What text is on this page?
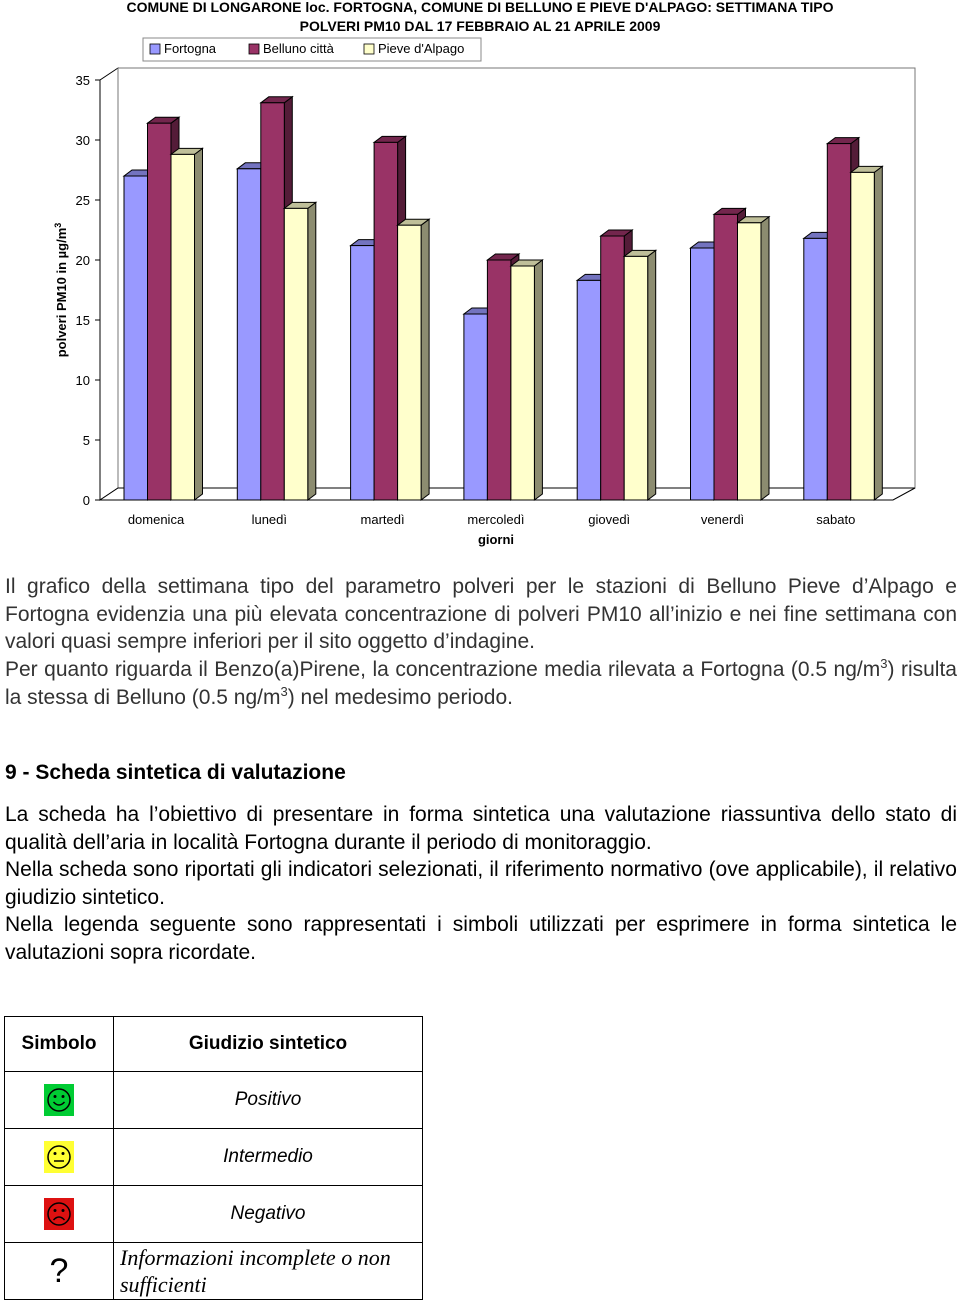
COMUNE DI LONGARONE loc. FORTOGNA, COMUNE DI BELLUNO E PIEVE D'ALPAGO: SETTIMANA TIPO
POLVERI PM10 DAL 17 FEBBRAIO AL 21 APRILE 2009
Fortogna	Belluno città	Pieve d'Alpago
polveri PM10 in $\mu g/m^3$
giorni
0
5
10
15
20
25
30
35
domenica	lunedì	martedì	mercoledì	giovedì	venerdì	sabato

Il grafico della settimana tipo del parametro polveri per le stazioni di Belluno Pieve d’Alpago e Fortogna evidenzia una più elevata concentrazione di polveri PM10 all’inizio e nei fine settimana con valori quasi sempre inferiori per il sito oggetto d’indagine.

Per quanto riguarda il Benzo(a)Pirene, la concentrazione media rilevata a Fortogna (0.5 $ng/m^3$) risulta la stessa di Belluno (0.5 $ng/m^3$) nel medesimo periodo.

9 - Scheda sintetica di valutazione

La scheda ha l’obiettivo di presentare in forma sintetica una valutazione riassuntiva dello stato di qualità dell’aria in località Fortogna durante il periodo di monitoraggio.

Nella scheda sono riportati gli indicatori selezionati, il riferimento normativo (ove applicabile), il relativo giudizio sintetico.

Nella legenda seguente sono rappresentati i simboli utilizzati per esprimere in forma sintetica le valutazioni sopra ricordate.

Simbolo	Giudizio sintetico
	Positivo
	Intermedio
	Negativo
?	Informazioni incomplete o non sufficienti
